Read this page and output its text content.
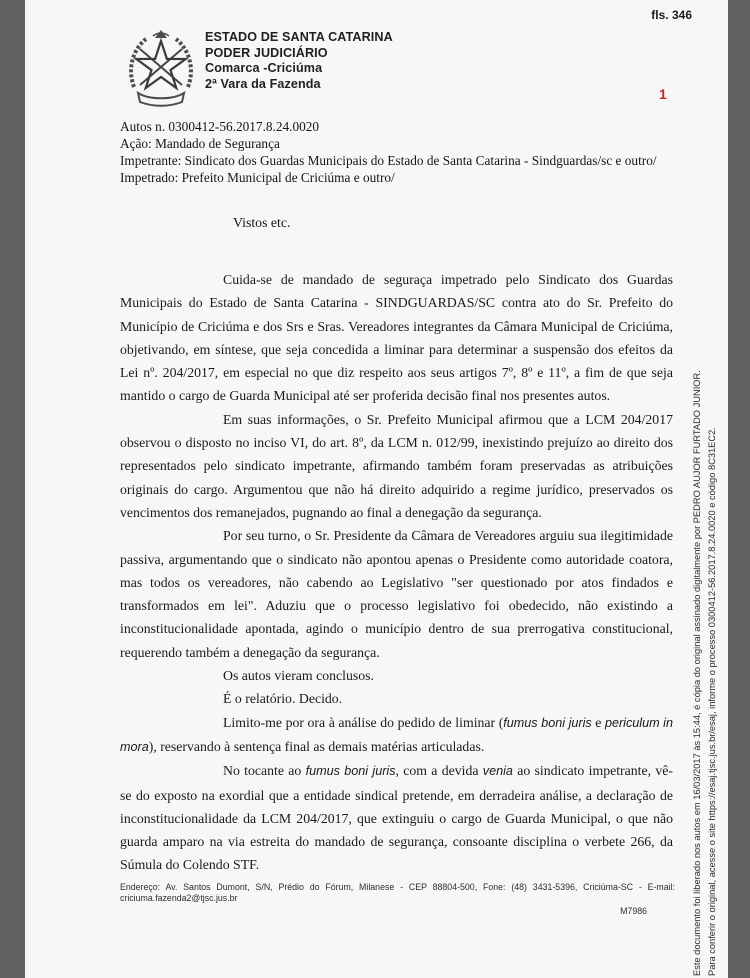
fls. 346
ESTADO DE SANTA CATARINA
PODER JUDICIÁRIO
Comarca -Criciúma
2ª Vara da Fazenda
1
Autos n. 0300412-56.2017.8.24.0020
Ação: Mandado de Segurança
Impetrante: Sindicato dos Guardas Municipais do Estado de Santa Catarina - Sindguardas/sc e outro/
Impetrado: Prefeito Municipal de Criciúma e outro/
Vistos etc.

Cuida-se de mandado de seguraça impetrado pelo Sindicato dos Guardas Municipais do Estado de Santa Catarina - SINDGUARDAS/SC contra ato do Sr. Prefeito do Município de Criciúma e dos Srs e Sras. Vereadores integrantes da Câmara Municipal de Criciúma, objetivando, em síntese, que seja concedida a liminar para determinar a suspensão dos efeitos da Lei nº. 204/2017, em especial no que diz respeito aos seus artigos 7º, 8º e 11º, a fim de que seja mantido o cargo de Guarda Municipal até ser proferida decisão final nos presentes autos.

Em suas informações, o Sr. Prefeito Municipal afirmou que a LCM 204/2017 observou o disposto no inciso VI, do art. 8º, da LCM n. 012/99, inexistindo prejuízo ao direito dos representados pelo sindicato impetrante, afirmando também foram preservadas as atribuições originais do cargo. Argumentou que não há direito adquirido a regime jurídico, preservados os vencimentos dos remanejados, pugnando ao final a denegação da segurança.

Por seu turno, o Sr. Presidente da Câmara de Vereadores arguiu sua ilegitimidade passiva, argumentando que o sindicato não apontou apenas o Presidente como autoridade coatora, mas todos os vereadores, não cabendo ao Legislativo "ser questionado por atos findados e transformados em lei". Aduziu que o processo legislativo foi obedecido, não existindo a inconstitucionalidade apontada, agindo o município dentro de sua prerrogativa constitucional, requerendo também a denegação da segurança.

Os autos vieram conclusos.

É o relatório. Decido.

Limito-me por ora à análise do pedido de liminar (fumus boni juris e periculum in mora), reservando à sentença final as demais matérias articuladas.

No tocante ao fumus boni juris, com a devida venia ao sindicato impetrante, vê-se do exposto na exordial que a entidade sindical pretende, em derradeira análise, a declaração de inconstitucionalidade da LCM 204/2017, que extinguiu o cargo de Guarda Municipal, o que não guarda amparo na via estreita do mandado de segurança, consoante disciplina o verbete 266, da Súmula do Colendo STF.

Endereço: Av. Santos Dumont, S/N, Prédio do Fórum, Milanese - CEP 88804-500, Fone: (48) 3431-5396, Criciúma-SC - E-mail: criciuma.fazenda2@tjsc.jus.br
M7986	Este documento foi liberado nos autos em 16/03/2017 às 15:44, é cópia do original assinado digitalmente por PEDRO AUJOR FURTADO JUNIOR. Para conferir o original, acesse o site https://esaj.tjsc.jus.br/esaj, informe o processo 0300412-56.2017.8.24.0020 e código 8C31EC2.
